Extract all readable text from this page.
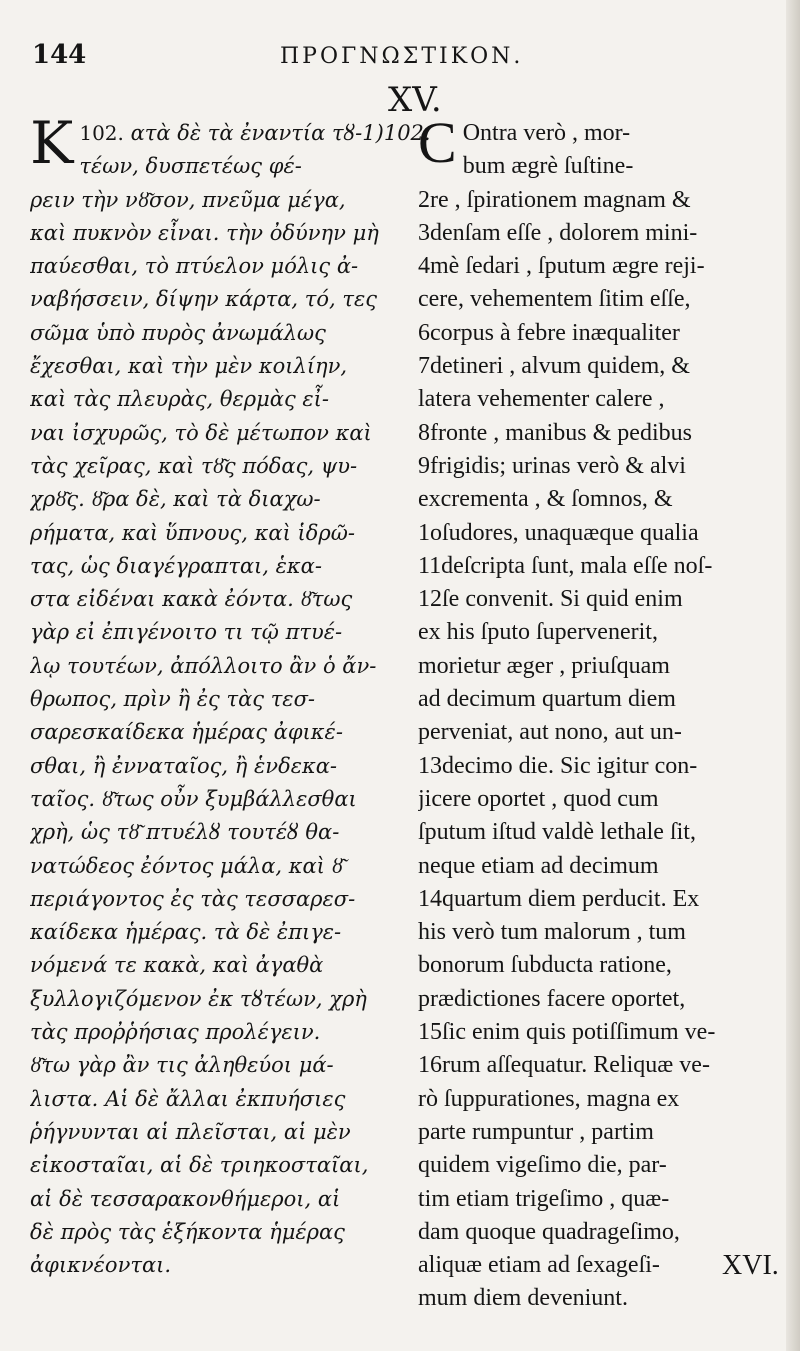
144	ΠΡΟΓΝΩΣΤΙΚΟΝ.
XV.
102.
K	ατὰ δὲ τὰ ἐναντία τȣ-1)102.
τέων, δυσπετέως φέ-
ρειν τὴν νȣ͂σον, πνεῦμα μέγα,
καὶ πυκνὸν εἶναι. τὴν ὀδύνην μὴ
παύεσθαι, τὸ πτύελον μόλις ἀ-
ναβήσσειν, δίψην κάρτα, τό, τες
σῶμα ὑπὸ πυρὸς ἀνωμάλως
ἔχεσθαι, καὶ τὴν μὲν κοιλίην,
καὶ τὰς πλευρὰς, θερμὰς εἶ-
ναι ἰσχυρῶς, τὸ δὲ μέτωπον καὶ
τὰς χεῖρας, καὶ τȣ͂ς πόδας, ψυ-
χρȣ͂ς. ȣ͂ρα δὲ, καὶ τὰ διαχω-
ρήματα, καὶ ὕπνους, καὶ ἱδρῶ-
τας, ὡς διαγέγραπται, ἑκα-
στα εἰδέναι κακὰ ἐόντα. ȣ͂τως
γὰρ εἰ ἐπιγένοιτο τι τῷ πτυέ-
λῳ τουτέων, ἀπόλλοιτο ἂν ὁ ἄν-
θρωπος, πρὶν ἢ ἐς τὰς τεσ-
σαρεσκαίδεκα ἡμέρας ἀφικέ-
σθαι, ἢ ἐνναταῖος, ἢ ἑνδεκα-
ταῖος. ȣ͂τως οὖν ξυμβάλλεσθαι
χρὴ, ὡς τȣ͂ πτυέλȣ τουτέȣ θα-
νατώδεος ἐόντος μάλα, καὶ ȣ͂
περιάγοντος ἐς τὰς τεσσαρεσ-
καίδεκα ἡμέρας. τὰ δὲ ἐπιγε-
νόμενά τε κακὰ, καὶ ἀγαθὰ
ξυλλογιζόμενον ἐκ τȣτέων, χρὴ
τὰς προῤῥήσιας προλέγειν.
ȣ͂τω γὰρ ἂν τις ἀληθεύοι μά-
λιστα. Αἱ δὲ ἄλλαι ἐκπυήσιες
ῥήγνυνται αἱ πλεῖσται, αἱ μὲν
εἰκοσταῖαι, αἱ δὲ τριηκοσταῖαι,
αἱ δὲ τεσσαρακονθήμεροι, αἱ
δὲ πρὸς τὰς ἑξήκοντα ἡμέρας
ἀφικνέονται.
C Ontra verò , mor-
bum ægrè ſuſtine-
2re , ſpirationem magnam &
3denſam eſſe , dolorem mini-
4mè ſedari , ſputum ægre reji-
cere, vehementem ſitim eſſe,
6corpus à febre inæqualiter
7detineri , alvum quidem, &
latera vehementer calere ,
8fronte , manibus & pedibus
9frigidis; urinas verò & alvi
excrementa , & ſomnos, &
1oſudores, unaquæque qualia
11deſcripta ſunt, mala eſſe noſ-
12ſe convenit. Si quid enim
ex his ſputo ſupervenerit,
morietur æger , priuſquam
ad decimum quartum diem
perveniat, aut nono, aut un-
13decimo die. Sic igitur con-
jicere oportet , quod cum
ſputum iſtud valdè lethale ſit,
neque etiam ad decimum
14quartum diem perducit. Ex
his verò tum malorum , tum
bonorum ſubducta ratione,
prædictiones facere oportet,
15ſic enim quis potiſſimum ve-
16rum aſſequatur. Reliquæ ve-
rò ſuppurationes, magna ex
parte rumpuntur , partim
quidem vigeſimo die, par-
tim etiam trigeſimo , quæ-
dam quoque quadrageſimo,
aliquæ etiam ad ſexageſi-
mum diem deveniunt.
XVI.
